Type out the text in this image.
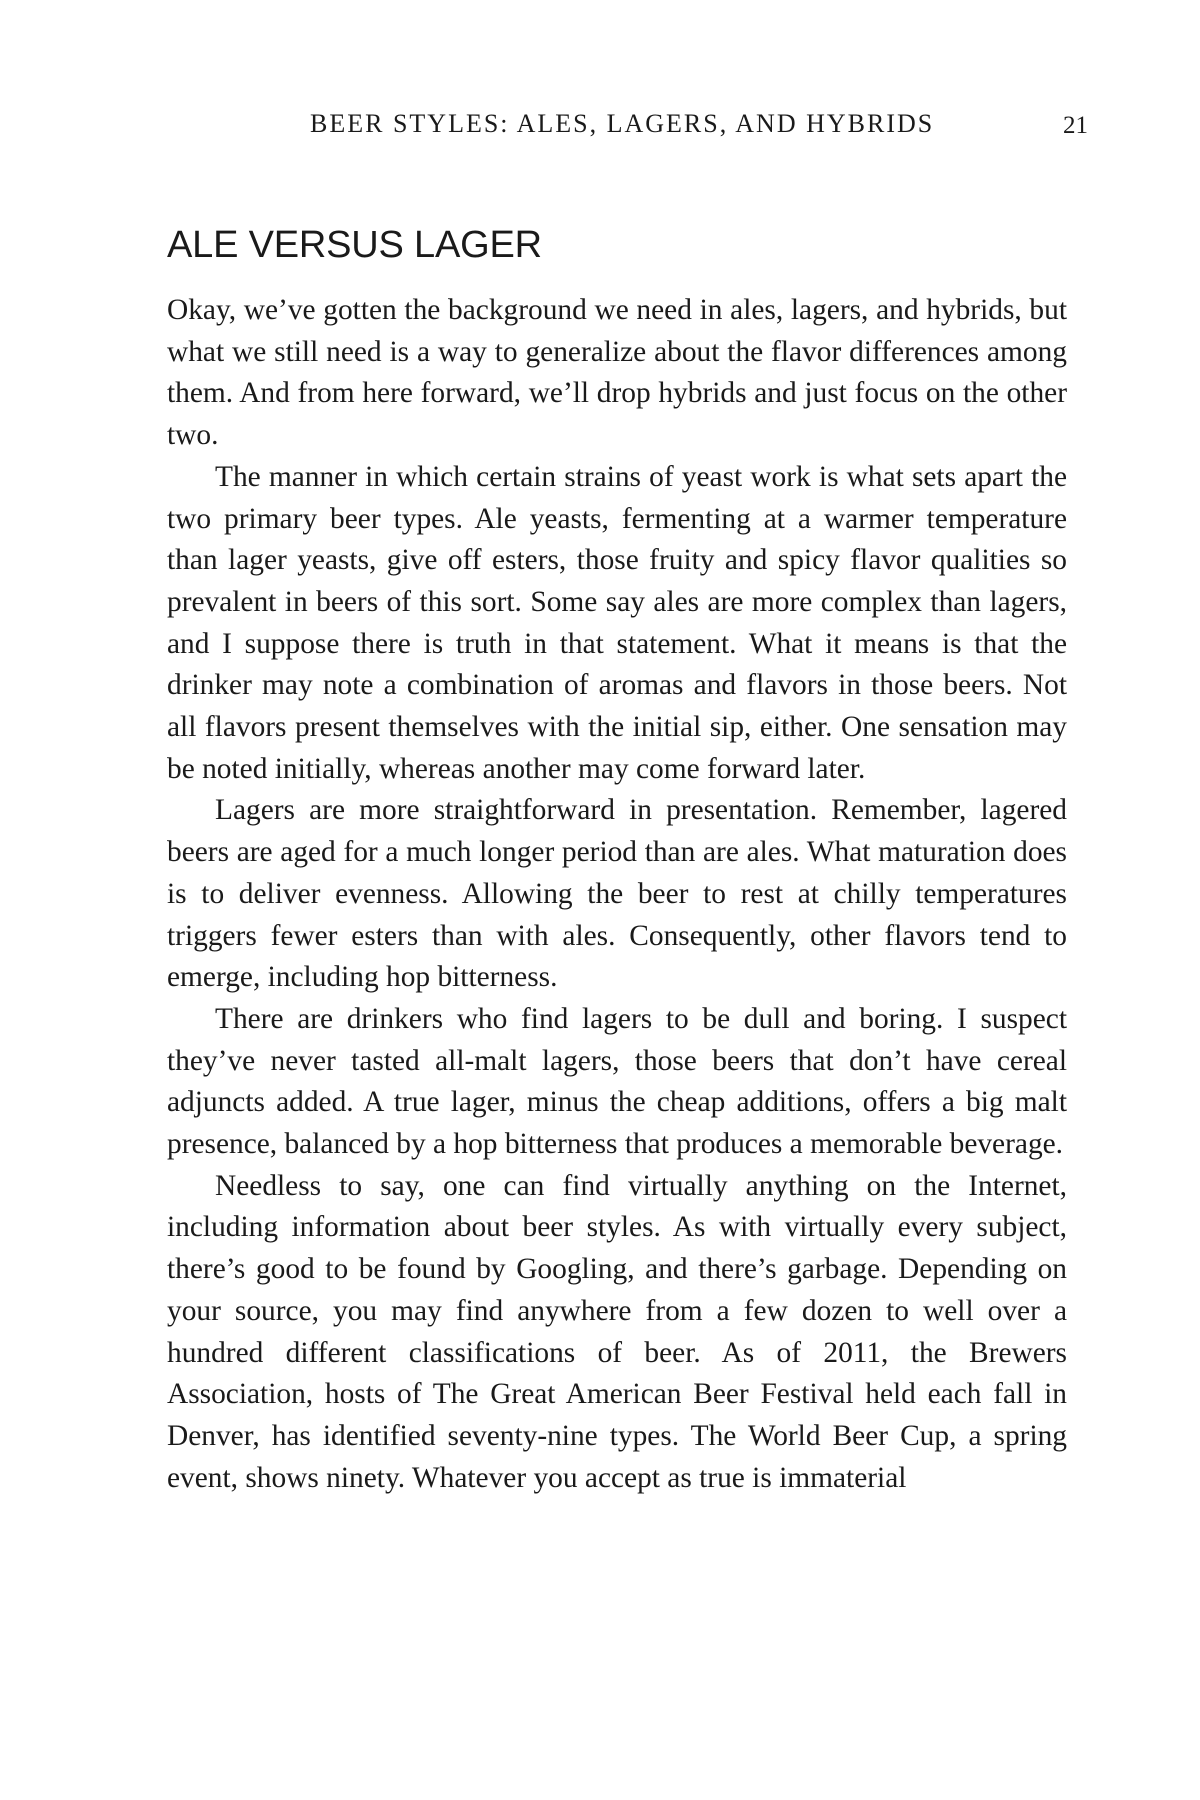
BEER STYLES: ALES, LAGERS, AND HYBRIDS	21
ALE VERSUS LAGER

Okay, we’ve gotten the background we need in ales, lagers, and hybrids, but what we still need is a way to generalize about the flavor differences among them. And from here forward, we’ll drop hybrids and just focus on the other two.

The manner in which certain strains of yeast work is what sets apart the two primary beer types. Ale yeasts, fermenting at a warmer temperature than lager yeasts, give off esters, those fruity and spicy flavor qualities so prevalent in beers of this sort. Some say ales are more complex than lagers, and I suppose there is truth in that statement. What it means is that the drinker may note a combination of aromas and flavors in those beers. Not all flavors present themselves with the initial sip, either. One sensation may be noted initially, whereas another may come forward later.

Lagers are more straightforward in presentation. Remember, lagered beers are aged for a much longer period than are ales. What maturation does is to deliver evenness. Allowing the beer to rest at chilly temperatures triggers fewer esters than with ales. Consequently, other flavors tend to emerge, including hop bitterness.

There are drinkers who find lagers to be dull and boring. I suspect they’ve never tasted all-malt lagers, those beers that don’t have cereal adjuncts added. A true lager, minus the cheap additions, offers a big malt presence, balanced by a hop bitterness that produces a memorable beverage.

Needless to say, one can find virtually anything on the Internet, including information about beer styles. As with virtually every subject, there’s good to be found by Googling, and there’s garbage. Depending on your source, you may find anywhere from a few dozen to well over a hundred different classifications of beer. As of 2011, the Brewers Association, hosts of The Great American Beer Festival held each fall in Denver, has identified seventy-nine types. The World Beer Cup, a spring event, shows ninety. Whatever you accept as true is immaterial
